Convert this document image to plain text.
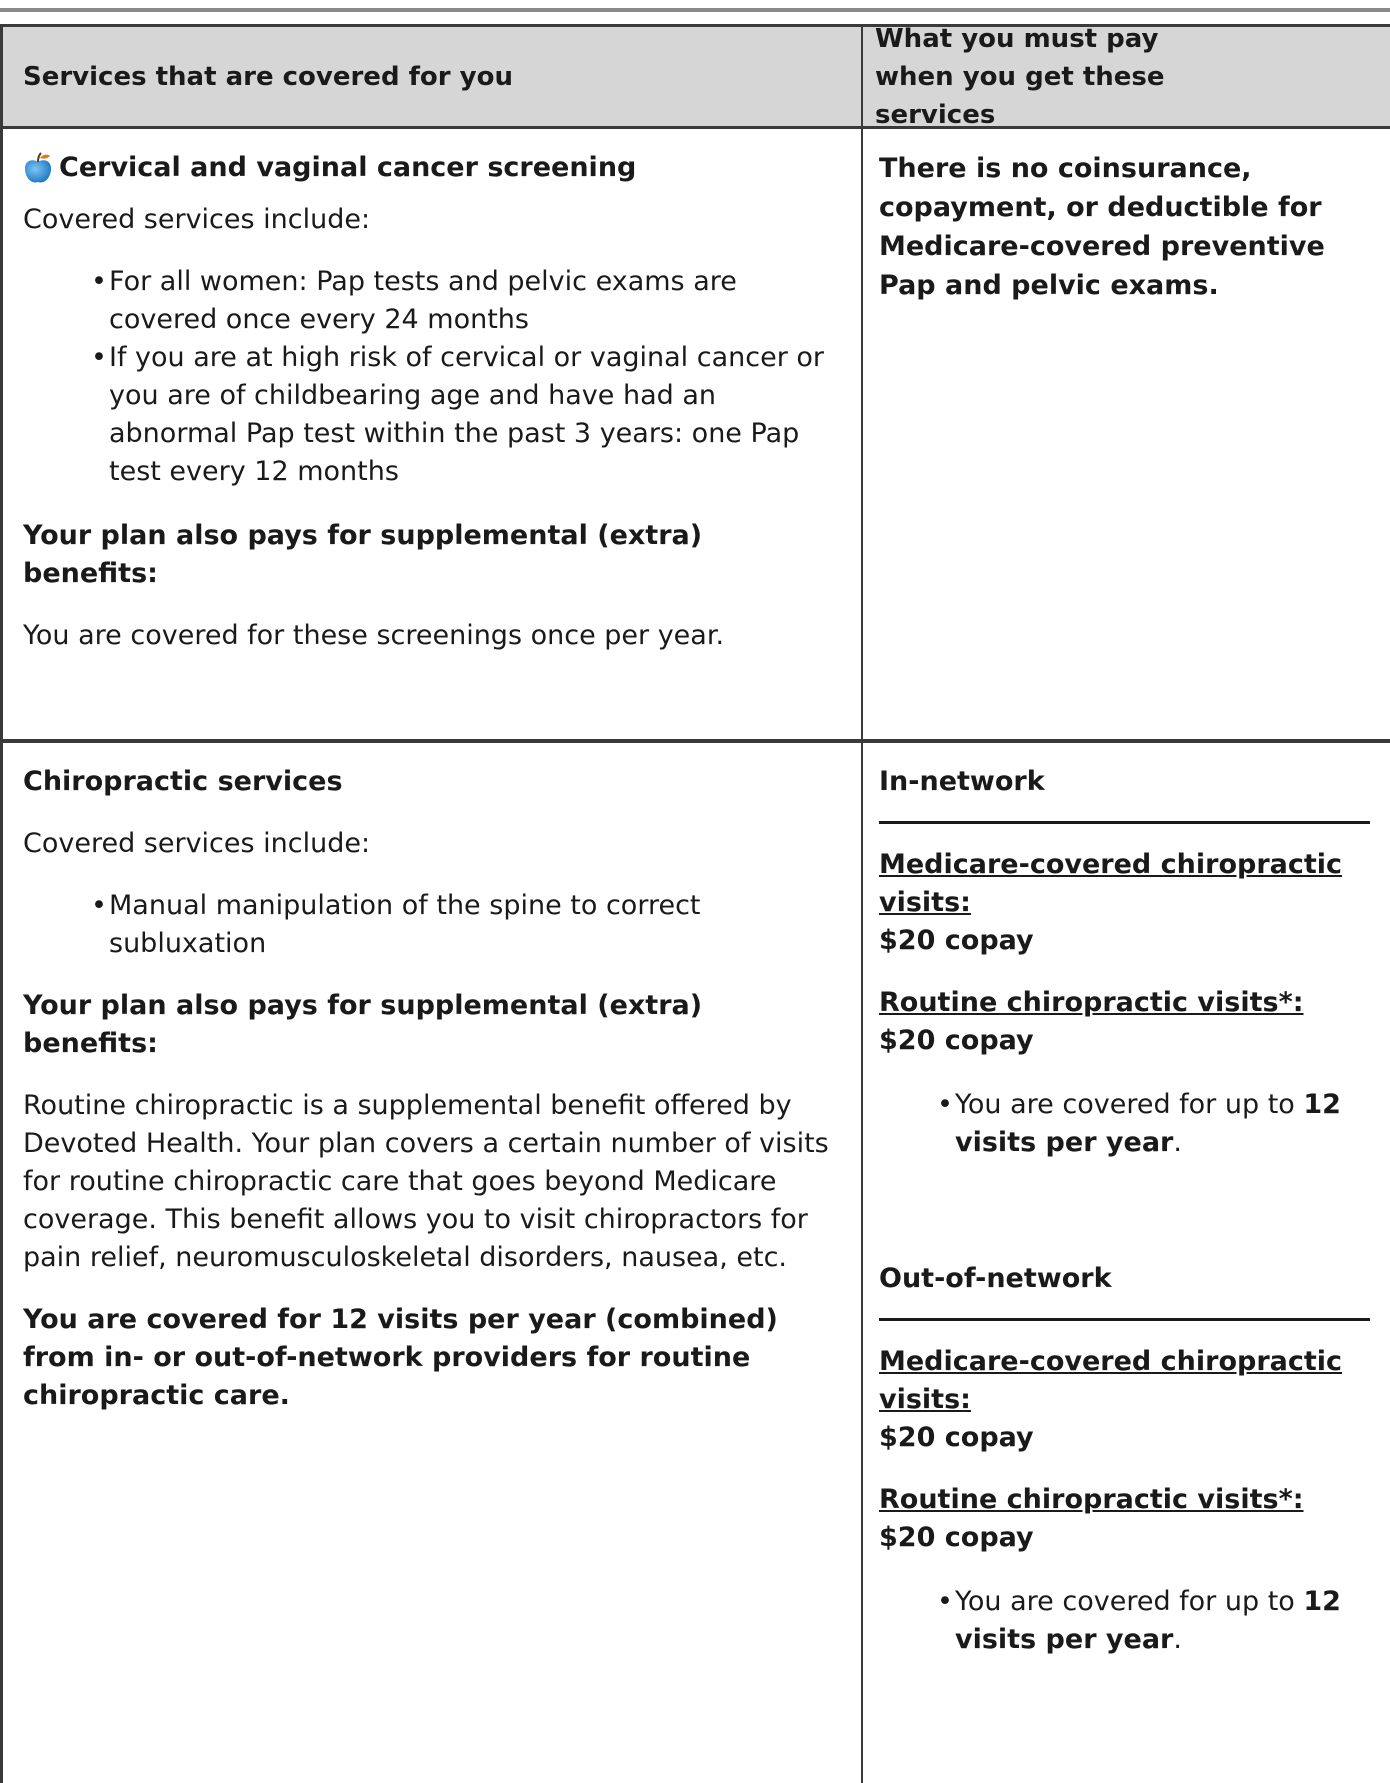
Services that are covered for you
What you must pay when you get these services
Cervical and vaginal cancer screening

Covered services include:

• For all women: Pap tests and pelvic exams are covered once every 24 months
• If you are at high risk of cervical or vaginal cancer or you are of childbearing age and have had an abnormal Pap test within the past 3 years: one Pap test every 12 months

Your plan also pays for supplemental (extra) benefits:

You are covered for these screenings once per year.

There is no coinsurance, copayment, or deductible for Medicare-covered preventive Pap and pelvic exams.

Chiropractic services

Covered services include:

• Manual manipulation of the spine to correct subluxation

Your plan also pays for supplemental (extra) benefits:

Routine chiropractic is a supplemental benefit offered by Devoted Health. Your plan covers a certain number of visits for routine chiropractic care that goes beyond Medicare coverage. This benefit allows you to visit chiropractors for pain relief, neuromusculoskeletal disorders, nausea, etc.

You are covered for 12 visits per year (combined) from in- or out-of-network providers for routine chiropractic care.

In-network

Medicare-covered chiropractic visits:

$20 copay

Routine chiropractic visits*:

$20 copay

• You are covered for up to 12 visits per year.

Out-of-network

Medicare-covered chiropractic visits:

$20 copay

Routine chiropractic visits*:

$20 copay

• You are covered for up to 12 visits per year.
